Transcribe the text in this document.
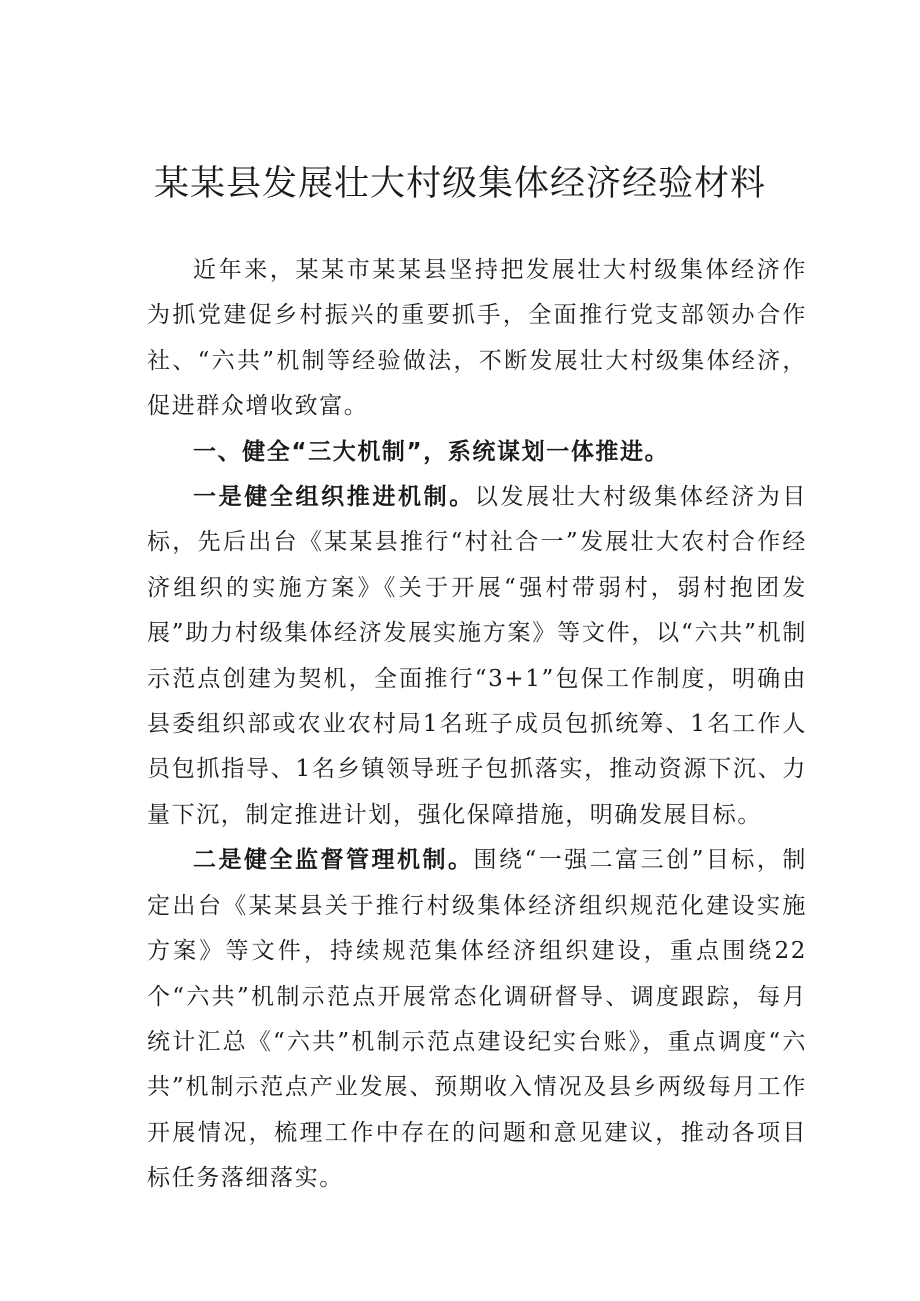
某某县发展壮大村级集体经济经验材料

近年来，某某市某某县坚持把发展壮大村级集体经济作为抓党建促乡村振兴的重要抓手，全面推行党支部领办合作社、“六共”机制等经验做法，不断发展壮大村级集体经济，促进群众增收致富。

一、健全“三大机制”，系统谋划一体推进。

一是健全组织推进机制。以发展壮大村级集体经济为目标，先后出台《某某县推行“村社合一”发展壮大农村合作经济组织的实施方案》《关于开展“强村带弱村，弱村抱团发展”助力村级集体经济发展实施方案》等文件，以“六共”机制示范点创建为契机，全面推行“3+1”包保工作制度，明确由县委组织部或农业农村局1名班子成员包抓统筹、1名工作人员包抓指导、1名乡镇领导班子包抓落实，推动资源下沉、力量下沉，制定推进计划，强化保障措施，明确发展目标。

二是健全监督管理机制。围绕“一强二富三创”目标，制定出台《某某县关于推行村级集体经济组织规范化建设实施方案》等文件，持续规范集体经济组织建设，重点围绕22个“六共”机制示范点开展常态化调研督导、调度跟踪，每月统计汇总《“六共”机制示范点建设纪实台账》，重点调度“六共”机制示范点产业发展、预期收入情况及县乡两级每月工作开展情况，梳理工作中存在的问题和意见建议，推动各项目标任务落细落实。
